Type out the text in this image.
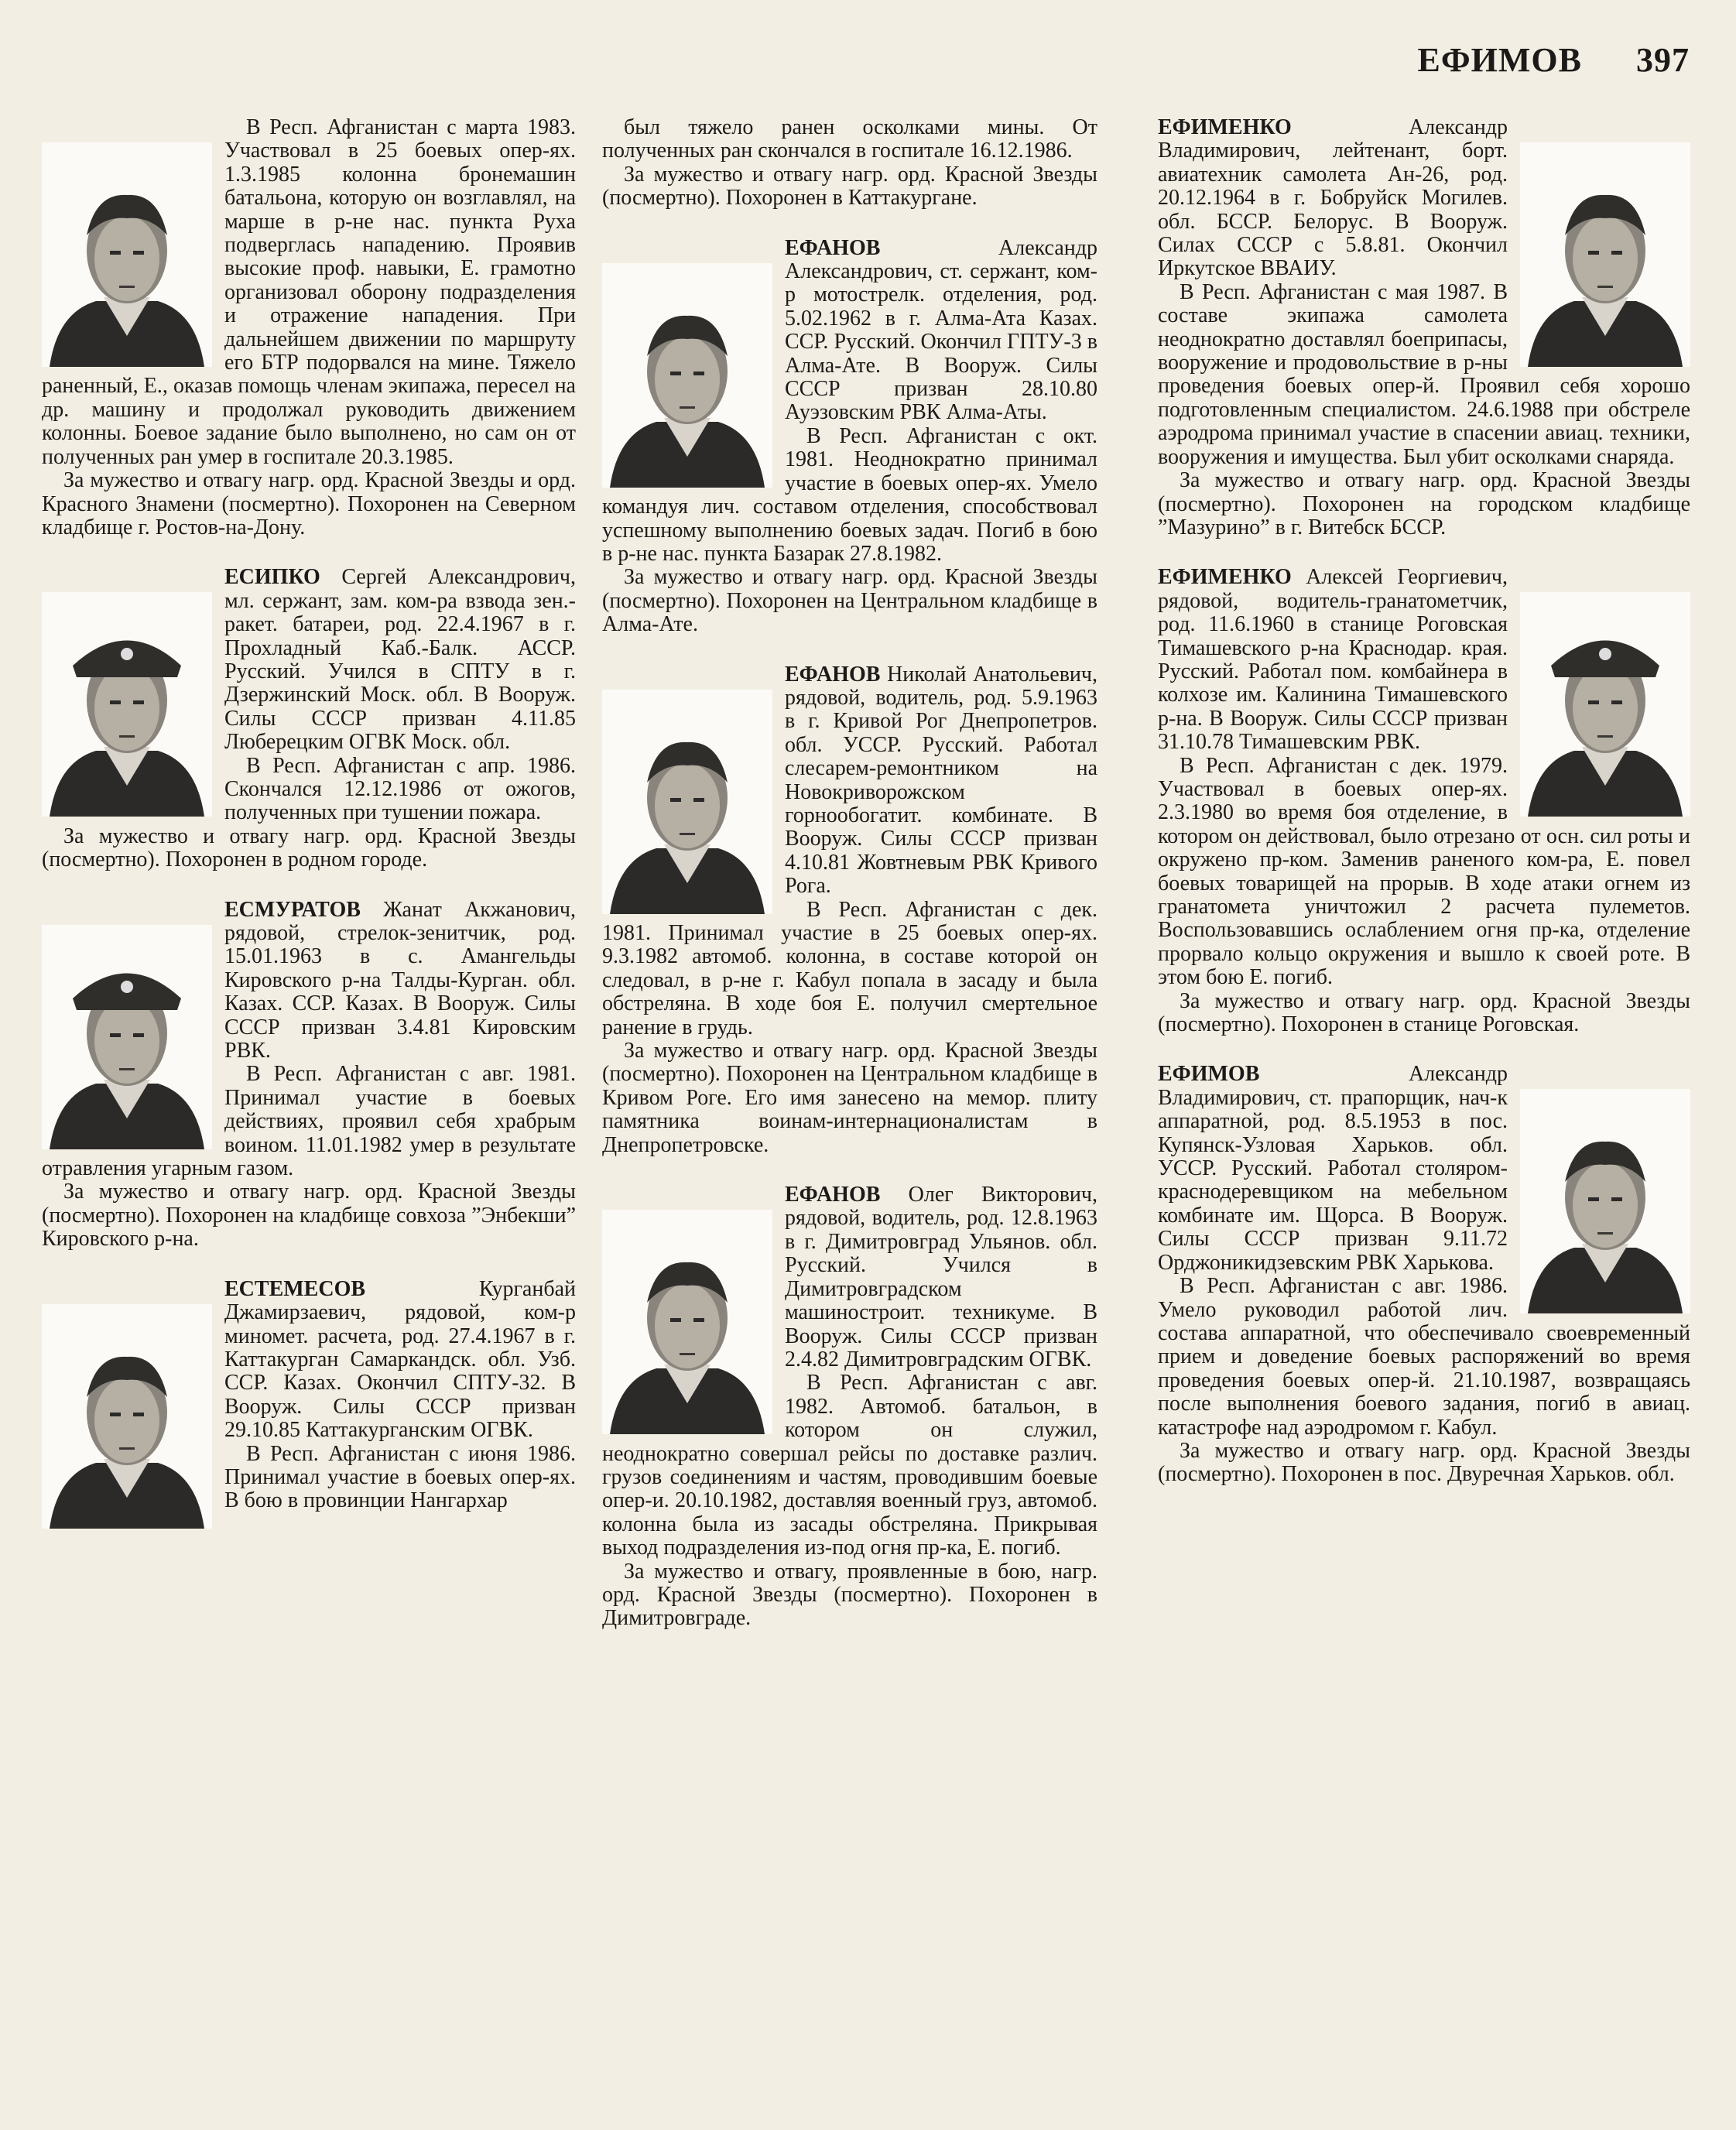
ЕФИМОВ 397

В Респ. Афганистан с марта 1983. Участвовал в 25 боевых опер-ях. 1.3.1985 колонна бронемашин батальона, которую он возглавлял, на марше в р-не нас. пункта Руха подверглась нападению. Проявив высокие проф. навыки, Е. грамотно организовал оборону подразделения и отражение нападения. При дальнейшем движении по маршруту его БТР подорвался на мине. Тяжело раненный, Е., оказав помощь членам экипажа, пересел на др. машину и продолжал руководить движением колонны. Боевое задание было выполнено, но сам он от полученных ран умер в госпитале 20.3.1985.

За мужество и отвагу нагр. орд. Красной Звезды и орд. Красного Знамени (посмертно). Похоронен на Северном кладбище г. Ростов-на-Дону.

ЕСИПКО Сергей Александрович, мл. сержант, зам. ком-ра взвода зен.-ракет. батареи, род. 22.4.1967 в г. Прохладный Каб.-Балк. АССР. Русский. Учился в СПТУ в г. Дзержинский Моск. обл. В Вооруж. Силы СССР призван 4.11.85 Люберецким ОГВК Моск. обл.

В Респ. Афганистан с апр. 1986. Скончался 12.12.1986 от ожогов, полученных при тушении пожара.

За мужество и отвагу нагр. орд. Красной Звезды (посмертно). Похоронен в родном городе.

ЕСМУРАТОВ Жанат Акжанович, рядовой, стрелок-зенитчик, род. 15.01.1963 в с. Амангельды Кировского р-на Талды-Курган. обл. Казах. ССР. Казах. В Вооруж. Силы СССР призван 3.4.81 Кировским РВК.

В Респ. Афганистан с авг. 1981. Принимал участие в боевых действиях, проявил себя храбрым воином. 11.01.1982 умер в результате отравления угарным газом.

За мужество и отвагу нагр. орд. Красной Звезды (посмертно). Похоронен на кладбище совхоза ”Энбекши” Кировского р-на.

ЕСТЕМЕСОВ Курганбай Джамирзаевич, рядовой, ком-р миномет. расчета, род. 27.4.1967 в г. Каттакурган Самаркандск. обл. Узб. ССР. Казах. Окончил СПТУ-32. В Вооруж. Силы СССР призван 29.10.85 Каттакурганским ОГВК.

В Респ. Афганистан с июня 1986. Принимал участие в боевых опер-ях. В бою в провинции Нангархар

был тяжело ранен осколками мины. От полученных ран скончался в госпитале 16.12.1986.

За мужество и отвагу нагр. орд. Красной Звезды (посмертно). Похоронен в Каттакургане.

ЕФАНОВ Александр Александрович, ст. сержант, ком-р мотострелк. отделения, род. 5.02.1962 в г. Алма-Ата Казах. ССР. Русский. Окончил ГПТУ-3 в Алма-Ате. В Вооруж. Силы СССР призван 28.10.80 Ауэзовским РВК Алма-Аты.

В Респ. Афганистан с окт. 1981. Неоднократно принимал участие в боевых опер-ях. Умело командуя лич. составом отделения, способствовал успешному выполнению боевых задач. Погиб в бою в р-не нас. пункта Базарак 27.8.1982.

За мужество и отвагу нагр. орд. Красной Звезды (посмертно). Похоронен на Центральном кладбище в Алма-Ате.

ЕФАНОВ Николай Анатольевич, рядовой, водитель, род. 5.9.1963 в г. Кривой Рог Днепропетров. обл. УССР. Русский. Работал слесарем-ремонтником на Новокриворожском горнообогатит. комбинате. В Вооруж. Силы СССР призван 4.10.81 Жовтневым РВК Кривого Рога.

В Респ. Афганистан с дек. 1981. Принимал участие в 25 боевых опер-ях. 9.3.1982 автомоб. колонна, в составе которой он следовал, в р-не г. Кабул попала в засаду и была обстреляна. В ходе боя Е. получил смертельное ранение в грудь.

За мужество и отвагу нагр. орд. Красной Звезды (посмертно). Похоронен на Центральном кладбище в Кривом Роге. Его имя занесено на мемор. плиту памятника воинам-интернационалистам в Днепропетровске.

ЕФАНОВ Олег Викторович, рядовой, водитель, род. 12.8.1963 в г. Димитровград Ульянов. обл. Русский. Учился в Димитровградском машиностроит. техникуме. В Вооруж. Силы СССР призван 2.4.82 Димитровградским ОГВК.

В Респ. Афганистан с авг. 1982. Автомоб. батальон, в котором он служил, неоднократно совершал рейсы по доставке различ. грузов соединениям и частям, проводившим боевые опер-и. 20.10.1982, доставляя военный груз, автомоб. колонна была из засады обстреляна. Прикрывая выход подразделения из-под огня пр-ка, Е. погиб.

За мужество и отвагу, проявленные в бою, нагр. орд. Красной Звезды (посмертно). Похоронен в Димитровграде.

ЕФИМЕНКО Александр Владимирович, лейтенант, борт. авиатехник самолета Ан-26, род. 20.12.1964 в г. Бобруйск Могилев. обл. БССР. Белорус. В Вооруж. Силах СССР с 5.8.81. Окончил Иркутское ВВАИУ.

В Респ. Афганистан с мая 1987. В составе экипажа самолета неоднократно доставлял боеприпасы, вооружение и продовольствие в р-ны проведения боевых опер-й. Проявил себя хорошо подготовленным специалистом. 24.6.1988 при обстреле аэродрома принимал участие в спасении авиац. техники, вооружения и имущества. Был убит осколками снаряда.

За мужество и отвагу нагр. орд. Красной Звезды (посмертно). Похоронен на городском кладбище ”Мазурино” в г. Витебск БССР.

ЕФИМЕНКО Алексей Георгиевич, рядовой, водитель-гранатометчик, род. 11.6.1960 в станице Роговская Тимашевского р-на Краснодар. края. Русский. Работал пом. комбайнера в колхозе им. Калинина Тимашевского р-на. В Вооруж. Силы СССР призван 31.10.78 Тимашевским РВК.

В Респ. Афганистан с дек. 1979. Участвовал в боевых опер-ях. 2.3.1980 во время боя отделение, в котором он действовал, было отрезано от осн. сил роты и окружено пр-ком. Заменив раненого ком-ра, Е. повел боевых товарищей на прорыв. В ходе атаки огнем из гранатомета уничтожил 2 расчета пулеметов. Воспользовавшись ослаблением огня пр-ка, отделение прорвало кольцо окружения и вышло к своей роте. В этом бою Е. погиб.

За мужество и отвагу нагр. орд. Красной Звезды (посмертно). Похоронен в станице Роговская.

ЕФИМОВ Александр Владимирович, ст. прапорщик, нач-к аппаратной, род. 8.5.1953 в пос. Купянск-Узловая Харьков. обл. УССР. Русский. Работал столяром-краснодеревщиком на мебельном комбинате им. Щорса. В Вооруж. Силы СССР призван 9.11.72 Орджоникидзевским РВК Харькова.

В Респ. Афганистан с авг. 1986. Умело руководил работой лич. состава аппаратной, что обеспечивало своевременный прием и доведение боевых распоряжений во время проведения боевых опер-й. 21.10.1987, возвращаясь после выполнения боевого задания, погиб в авиац. катастрофе над аэродромом г. Кабул.

За мужество и отвагу нагр. орд. Красной Звезды (посмертно). Похоронен в пос. Двуречная Харьков. обл.
